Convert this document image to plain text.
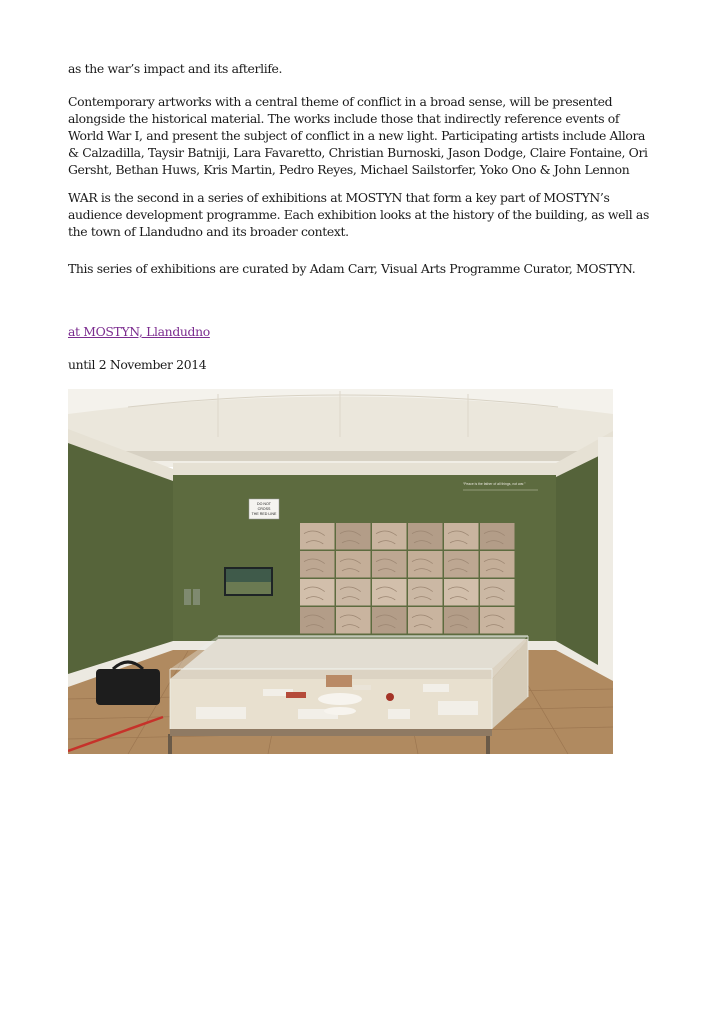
as the war’s impact and its afterlife.

Contemporary artworks with a central theme of conflict in a broad sense, will be presented alongside the historical material. The works include those that indirectly reference events of World War I, and present the subject of conflict in a new light. Participating artists include Allora & Calzadilla, Taysir Batniji, Lara Favaretto, Christian Burnoski, Jason Dodge, Claire Fontaine, Ori Gersht, Bethan Huws, Kris Martin, Pedro Reyes, Michael Sailstorfer, Yoko Ono & John Lennon

WAR is the second in a series of exhibitions at MOSTYN that form a key part of MOSTYN’s audience development programme. Each exhibition looks at the history of the building, as well as the town of Llandudno and its broader context.

This series of exhibitions are curated by Adam Carr, Visual Arts Programme Curator, MOSTYN.

at MOSTYN, Llandudno
until 2 November 2014
DO NOT
CROSS
THE RED LINE
“Peace is the father of all things, not war.”
